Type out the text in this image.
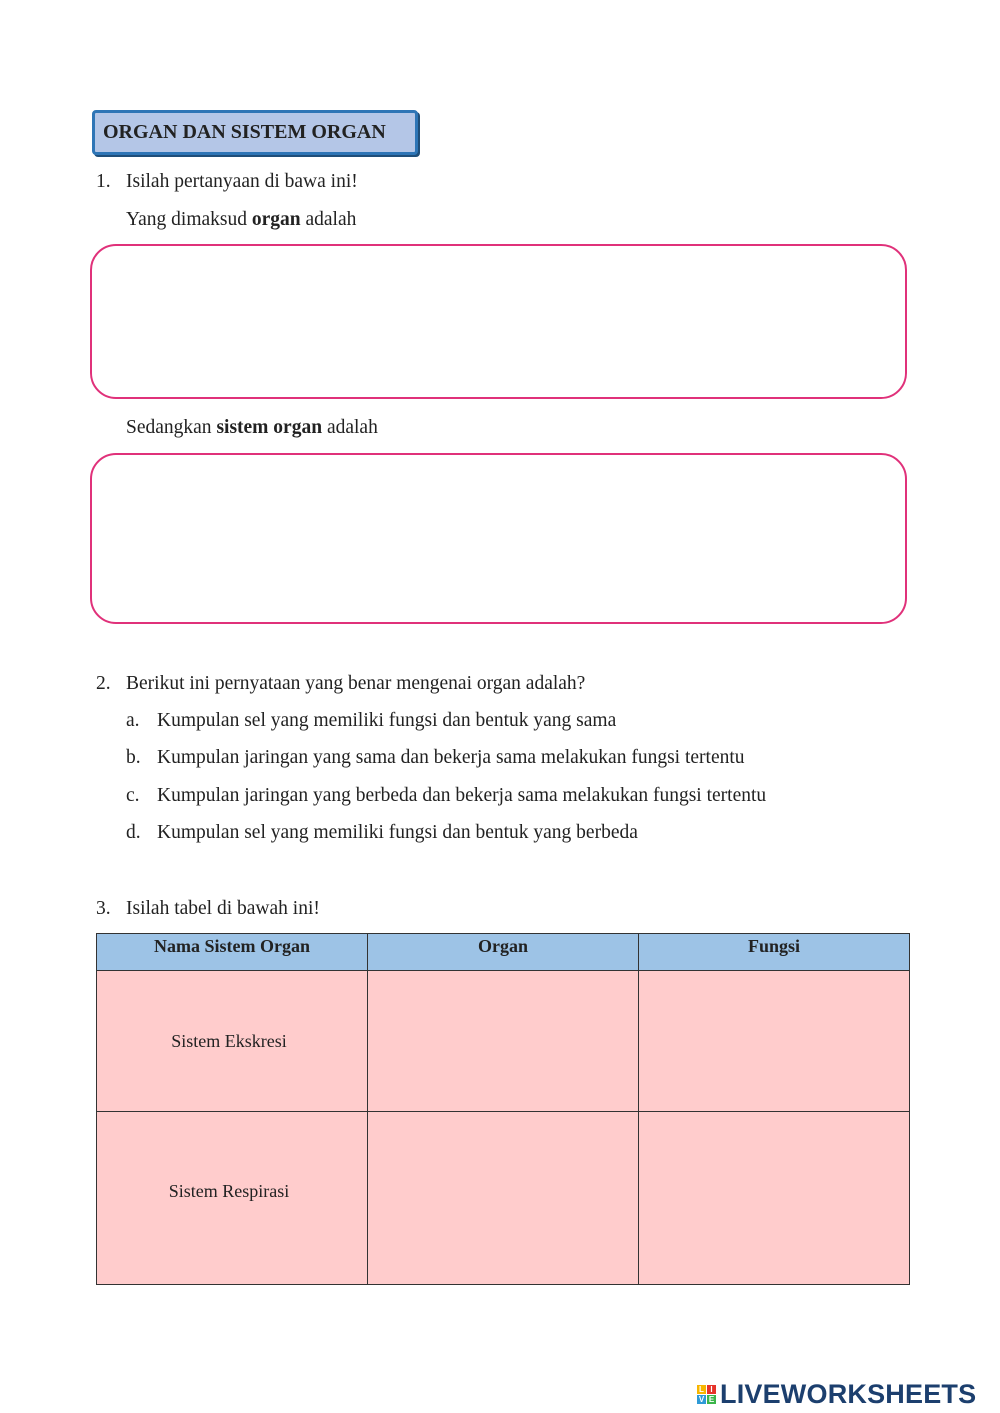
ORGAN DAN SISTEM ORGAN
1. Isilah pertanyaan di bawa ini!
Yang dimaksud organ adalah
Sedangkan sistem organ adalah
2. Berikut ini pernyataan yang benar mengenai organ adalah?
a. Kumpulan sel yang memiliki fungsi dan bentuk yang sama
b. Kumpulan jaringan yang sama dan bekerja sama melakukan fungsi tertentu
c. Kumpulan jaringan yang berbeda dan bekerja sama melakukan fungsi tertentu
d. Kumpulan sel yang memiliki fungsi dan bentuk yang berbeda
3. Isilah tabel di bawah ini!
Nama Sistem Organ	Organ	Fungsi
Sistem Ekskresi		
Sistem Respirasi		
L I
V E LIVEWORKSHEETS
